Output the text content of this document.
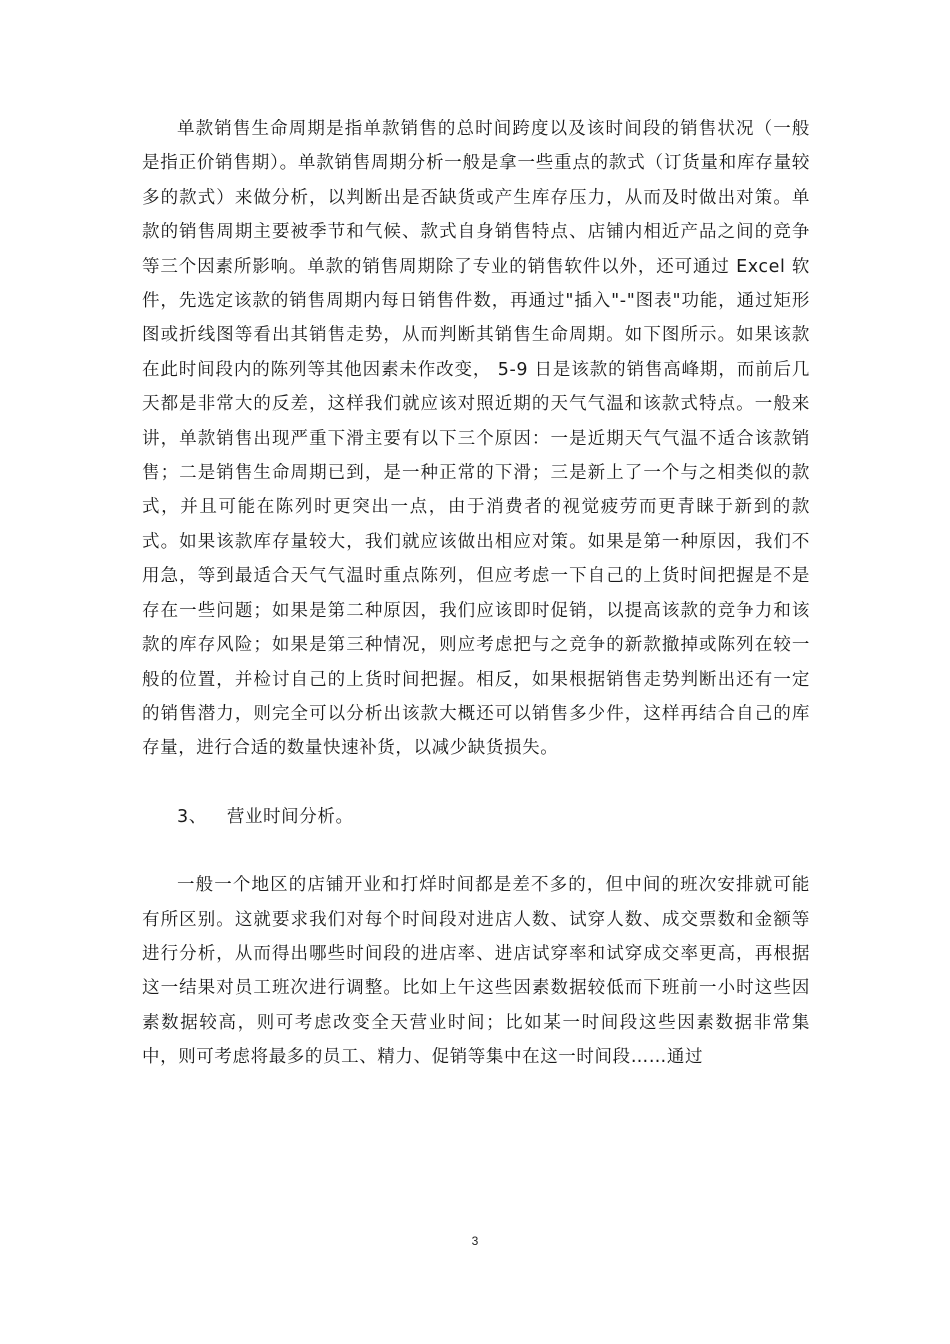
单款销售生命周期是指单款销售的总时间跨度以及该时间段的销售状况（一般是指正价销售期）。单款销售周期分析一般是拿一些重点的款式（订货量和库存量较多的款式）来做分析，以判断出是否缺货或产生库存压力，从而及时做出对策。单款的销售周期主要被季节和气候、款式自身销售特点、店铺内相近产品之间的竞争等三个因素所影响。单款的销售周期除了专业的销售软件以外，还可通过 Excel 软件，先选定该款的销售周期内每日销售件数，再通过"插入"-"图表"功能，通过矩形图或折线图等看出其销售走势，从而判断其销售生命周期。如下图所示。如果该款在此时间段内的陈列等其他因素未作改变， 5-9 日是该款的销售高峰期，而前后几天都是非常大的反差，这样我们就应该对照近期的天气气温和该款式特点。一般来讲，单款销售出现严重下滑主要有以下三个原因：一是近期天气气温不适合该款销售；二是销售生命周期已到，是一种正常的下滑；三是新上了一个与之相类似的款式，并且可能在陈列时更突出一点，由于消费者的视觉疲劳而更青睐于新到的款式。如果该款库存量较大，我们就应该做出相应对策。如果是第一种原因，我们不用急，等到最适合天气气温时重点陈列，但应考虑一下自己的上货时间把握是不是存在一些问题；如果是第二种原因，我们应该即时促销，以提高该款的竞争力和该款的库存风险；如果是第三种情况，则应考虑把与之竞争的新款撤掉或陈列在较一般的位置，并检讨自己的上货时间把握。相反，如果根据销售走势判断出还有一定的销售潜力，则完全可以分析出该款大概还可以销售多少件，这样再结合自己的库存量，进行合适的数量快速补货，以减少缺货损失。

3、 营业时间分析。

一般一个地区的店铺开业和打烊时间都是差不多的，但中间的班次安排就可能有所区别。这就要求我们对每个时间段对进店人数、试穿人数、成交票数和金额等进行分析，从而得出哪些时间段的进店率、进店试穿率和试穿成交率更高，再根据这一结果对员工班次进行调整。比如上午这些因素数据较低而下班前一小时这些因素数据较高，则可考虑改变全天营业时间；比如某一时间段这些因素数据非常集中，则可考虑将最多的员工、精力、促销等集中在这一时间段……通过

3
